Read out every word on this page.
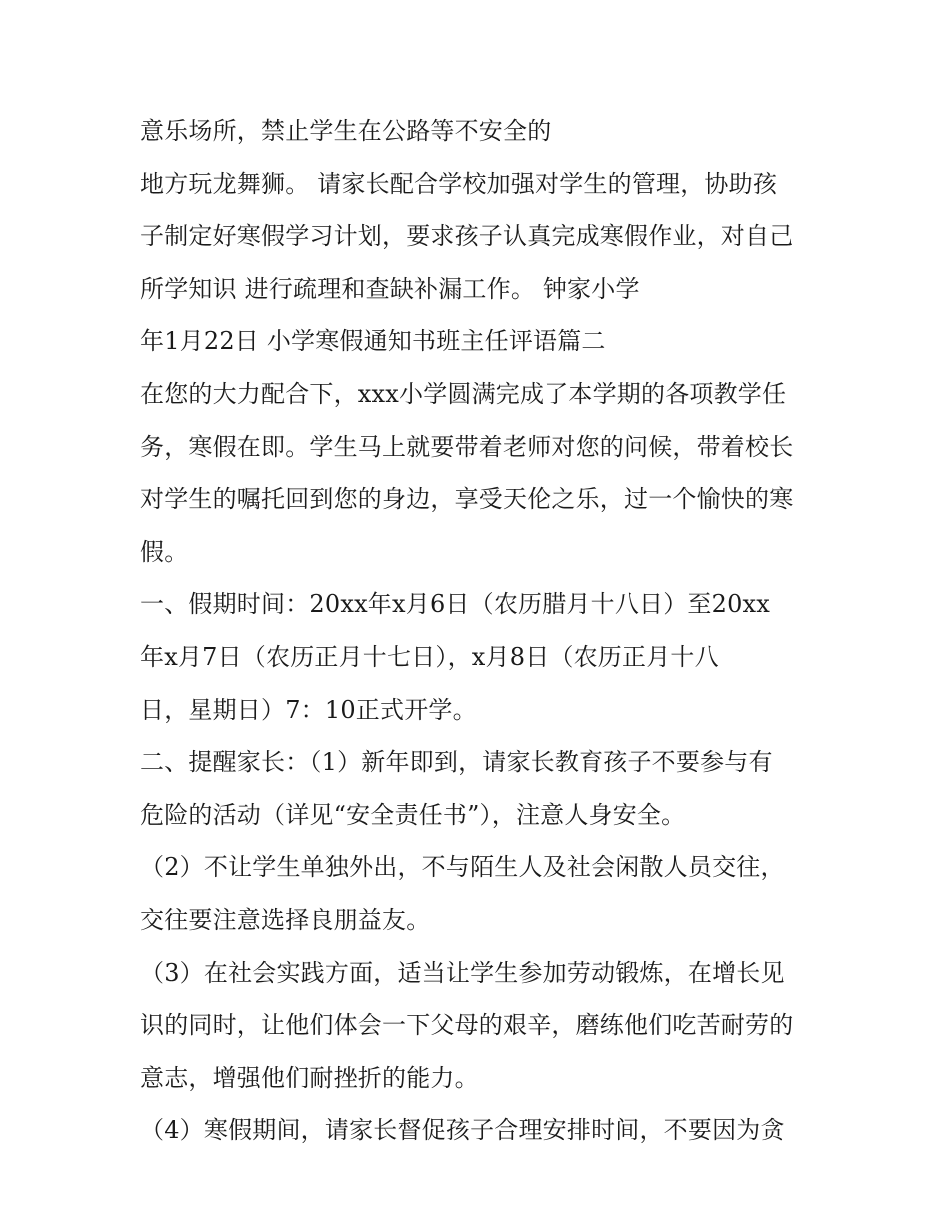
意乐场所，禁止学生在公路等不安全的
地方玩龙舞狮。 请家长配合学校加强对学生的管理，协助孩
子制定好寒假学习计划，要求孩子认真完成寒假作业，对自己
所学知识 进行疏理和查缺补漏工作。 钟家小学
年1月22日 小学寒假通知书班主任评语篇二
在您的大力配合下，xxx小学圆满完成了本学期的各项教学任
务，寒假在即。学生马上就要带着老师对您的问候，带着校长
对学生的嘱托回到您的身边，享受天伦之乐，过一个愉快的寒
假。
一、假期时间：20xx年x月6日（农历腊月十八日）至20xx
年x月7日（农历正月十七日），x月8日（农历正月十八
日，星期日）7：10正式开学。
二、提醒家长：（1）新年即到，请家长教育孩子不要参与有
危险的活动（详见“安全责任书”），注意人身安全。
（2）不让学生单独外出，不与陌生人及社会闲散人员交往，
交往要注意选择良朋益友。
（3）在社会实践方面，适当让学生参加劳动锻炼，在增长见
识的同时，让他们体会一下父母的艰辛，磨练他们吃苦耐劳的
意志，增强他们耐挫折的能力。
（4）寒假期间，请家长督促孩子合理安排时间，不要因为贪
